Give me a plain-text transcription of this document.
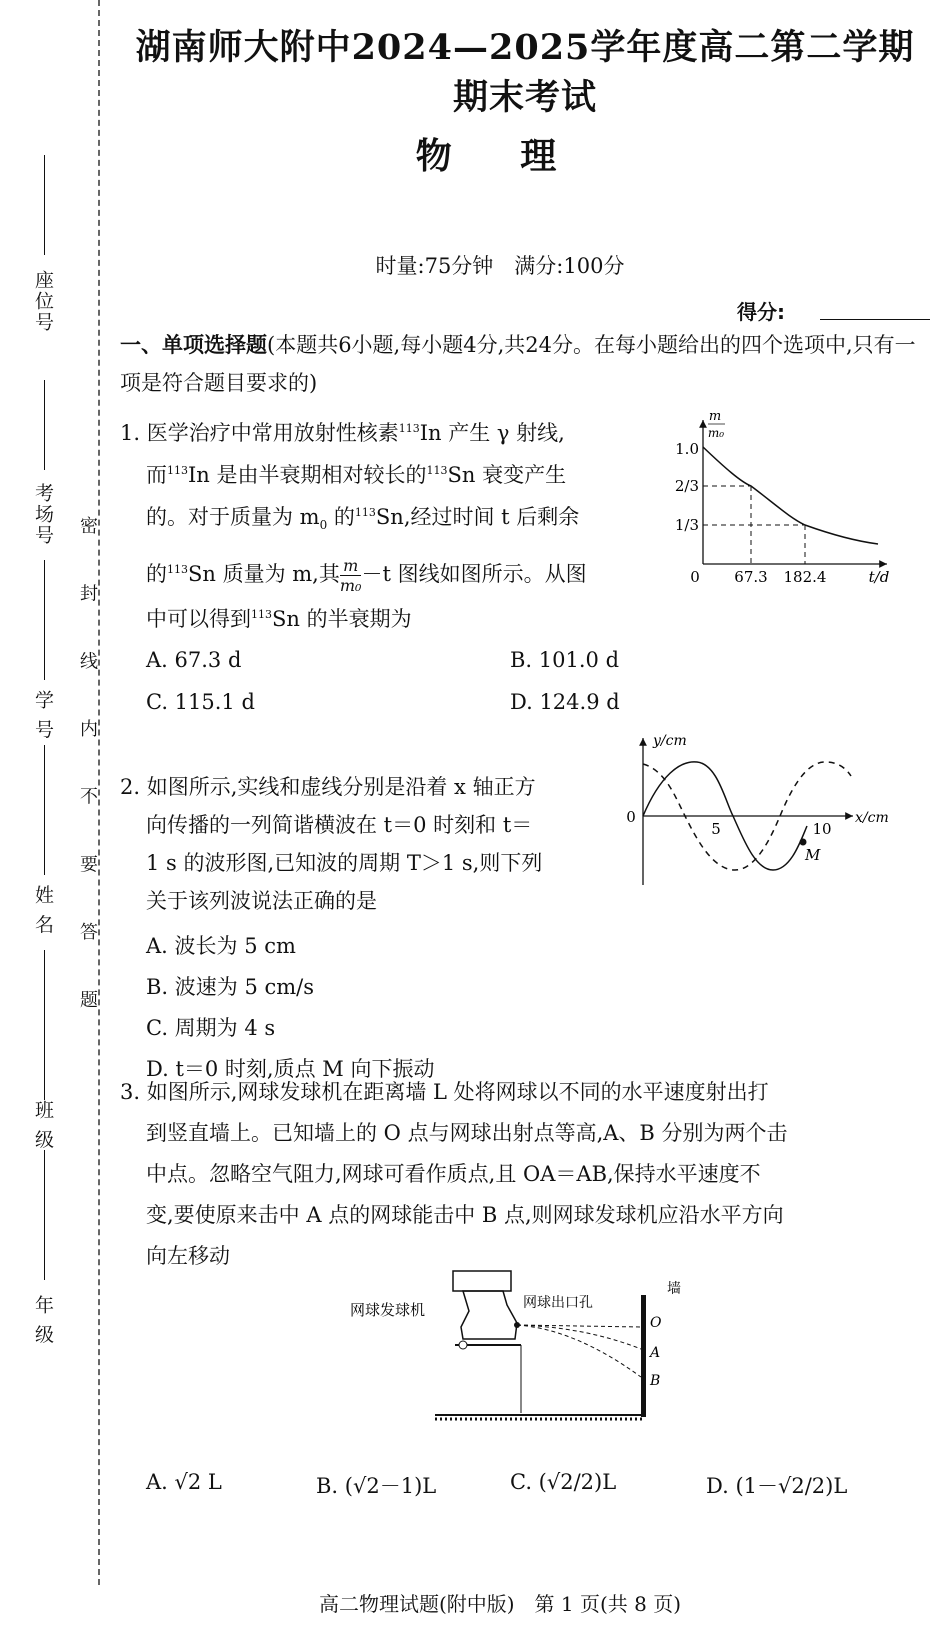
座位号
考场号
学 号
姓 名
班 级
年 级
密 封 线 内 不 要 答 题
湖南师大附中2024—2025学年度高二第二学期期末考试
物 理
时量:75分钟　满分:100分
得分:
一、单项选择题(本题共6小题,每小题4分,共24分。在每小题给出的四个选项中,只有一项是符合题目要求的)
1. 医学治疗中常用放射性核素$^{113}$In 产生 γ 射线,
而$^{113}$In 是由半衰期相对较长的$^{113}$Sn 衰变产生
的。对于质量为 $m_0$ 的$^{113}$Sn,经过时间 t 后剩余
的$^{113}$Sn 质量为 m,其 $\frac{m}{\text{m₀}} -t$ 图线如图所示。从图
中可以得到$^{113}$Sn 的半衰期为
A. 67.3 d	B. 101.0 d
C. 115.1 d	D. 124.9 d
m
m₀
1.0
2/3
1/3
0 67.3 182.4	t/d
2. 如图所示,实线和虚线分别是沿着 x 轴正方
向传播的一列简谐横波在 t＝0 时刻和 t＝
1 s 的波形图,已知波的周期 T＞1 s,则下列
关于该列波说法正确的是
A. 波长为 5 cm
B. 波速为 5 cm/s
C. 周期为 4 s
D. t＝0 时刻,质点 M 向下振动
y/cm
x/cm
0
5	10
M
3. 如图所示,网球发球机在距离墙 L 处将网球以不同的水平速度射出打
到竖直墙上。已知墙上的 O 点与网球出射点等高,A、B 分别为两个击
中点。忽略空气阻力,网球可看作质点,且 OA＝AB,保持水平速度不
变,要使原来击中 A 点的网球能击中 B 点,则网球发球机应沿水平方向
向左移动
网球发球机	网球出口孔
墙
O
A
B
A. √2 L	B. (√2－1)L	C. (√2/2)L	D. (1－√2/2)L
高二物理试题(附中版)　第 1 页(共 8 页)
